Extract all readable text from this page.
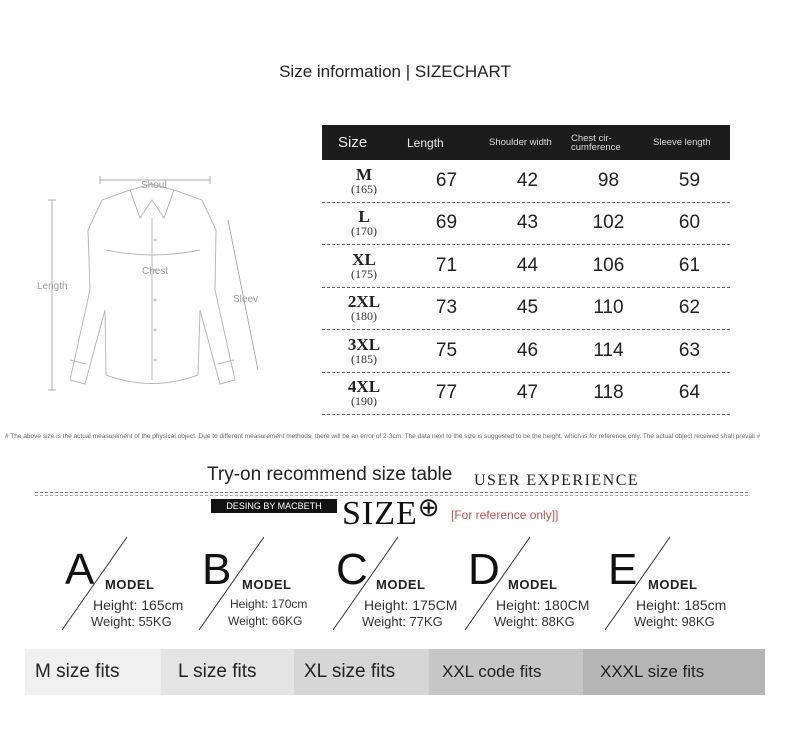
Size information | SIZECHART
Shoul
Chest
Length
Sleev
Size	Length	Shoulder width	Chest cir-cumference	Sleeve length
M
(165)	67	42	98	59
L
(170)	69	43	102	60
XL
(175)	71	44	106	61
2XL
(180)	73	45	110	62
3XL
(185)	75	46	114	63
4XL
(190)	77	47	118	64
# The above size is the actual measurement of the physical object. Due to different measurement methods, there will be an error of 2-3cm. The data next to the size is suggested to be the height, which is for reference only. The actual object received shall prevail #
Try-on recommend size table USER EXPERIENCE
DESING BY MACBETH SIZE⊕ [For reference only]]
A MODEL
Height: 165cm
Weight: 55KG
B MODEL
Height: 170cm
Weight: 66KG
C MODEL
Height: 175CM
Weight: 77KG
D MODEL
Height: 180CM
Weight: 88KG
E MODEL
Height: 185cm
Weight: 98KG
M size fits	L size fits	XL size fits	XXL code fits	XXXL size fits
